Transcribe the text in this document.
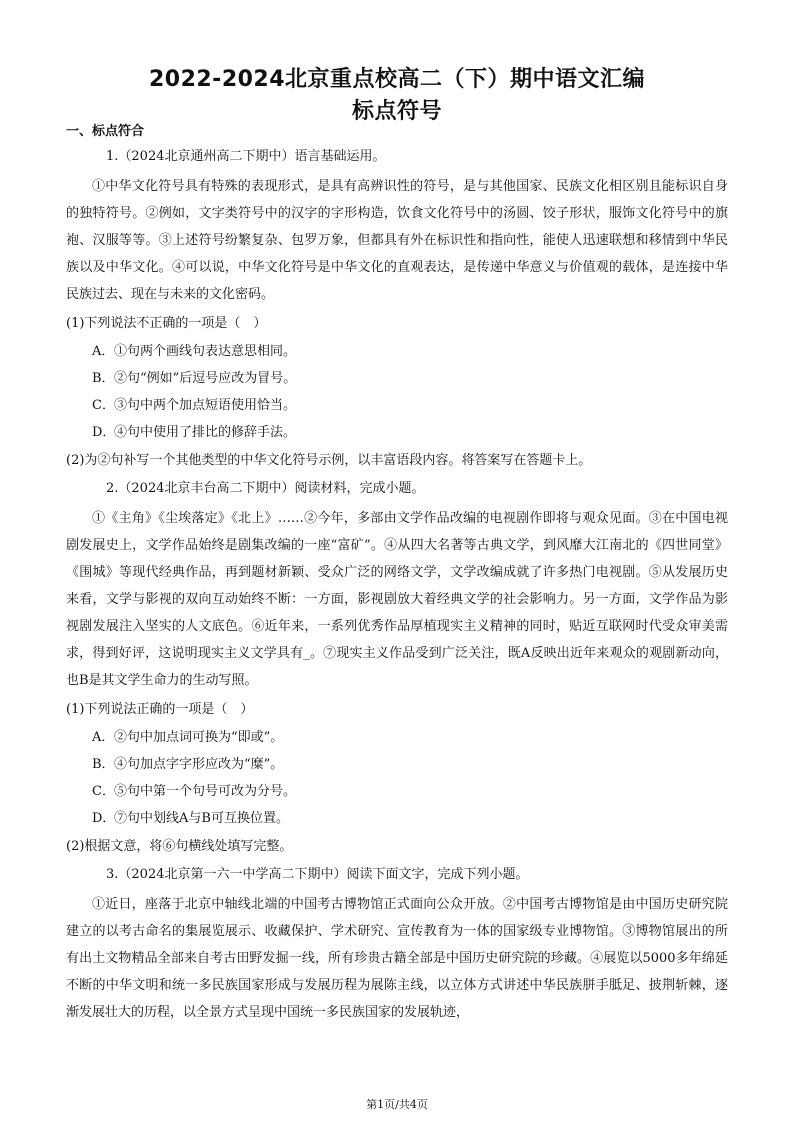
2022-2024北京重点校高二（下）期中语文汇编
标点符号
一、标点符合

1.（2024北京通州高二下期中）语言基础运用。

①中华文化符号具有特殊的表现形式，是具有高辨识性的符号，是与其他国家、民族文化相区别且能标识自身的独特符号。②例如，文字类符号中的汉字的字形构造，饮食文化符号中的汤圆、饺子形状，服饰文化符号中的旗袍、汉服等等。③上述符号纷繁复杂、包罗万象，但都具有外在标识性和指向性，能使人迅速联想和移情到中华民族以及中华文化。④可以说，中华文化符号是中华文化的直观表达，是传递中华意义与价值观的载体，是连接中华民族过去、现在与未来的文化密码。

(1)下列说法不正确的一项是（　）

A．①句两个画线句表达意思相同。
B．②句“例如”后逗号应改为冒号。
C．③句中两个加点短语使用恰当。
D．④句中使用了排比的修辞手法。

(2)为②句补写一个其他类型的中华文化符号示例，以丰富语段内容。将答案写在答题卡上。

2.（2024北京丰台高二下期中）阅读材料，完成小题。

①《主角》《尘埃落定》《北上》……②今年，多部由文学作品改编的电视剧作即将与观众见面。③在中国电视剧发展史上，文学作品始终是剧集改编的一座“富矿”。④从四大名著等古典文学，到风靡大江南北的《四世同堂》《围城》等现代经典作品，再到题材新颖、受众广泛的网络文学，文学改编成就了许多热门电视剧。⑤从发展历史来看，文学与影视的双向互动始终不断：一方面，影视剧放大着经典文学的社会影响力。另一方面，文学作品为影视剧发展注入坚实的人文底色。⑥近年来，一系列优秀作品厚植现实主义精神的同时，贴近互联网时代受众审美需求，得到好评，这说明现实主义文学具有_。⑦现实主义作品受到广泛关注，既A反映出近年来观众的观剧新动向，也B是其文学生命力的生动写照。

(1)下列说法正确的一项是（　）

A．②句中加点词可换为“即或”。
B．④句加点字字形应改为“糜”。
C．⑤句中第一个句号可改为分号。
D．⑦句中划线A与B可互换位置。

(2)根据文意，将⑥句横线处填写完整。

3.（2024北京第一六一中学高二下期中）阅读下面文字，完成下列小题。

①近日，座落于北京中轴线北端的中国考古博物馆正式面向公众开放。②中国考古博物馆是由中国历史研究院建立的以考古命名的集展览展示、收藏保护、学术研究、宣传教育为一体的国家级专业博物馆。③博物馆展出的所有出土文物精品全部来自考古田野发掘一线，所有珍贵古籍全部是中国历史研究院的珍藏。④展览以5000多年绵延不断的中华文明和统一多民族国家形成与发展历程为展陈主线，以立体方式讲述中华民族胼手胝足、披荆斩棘，逐渐发展壮大的历程，以全景方式呈现中国统一多民族国家的发展轨迹，

第1页/共4页
